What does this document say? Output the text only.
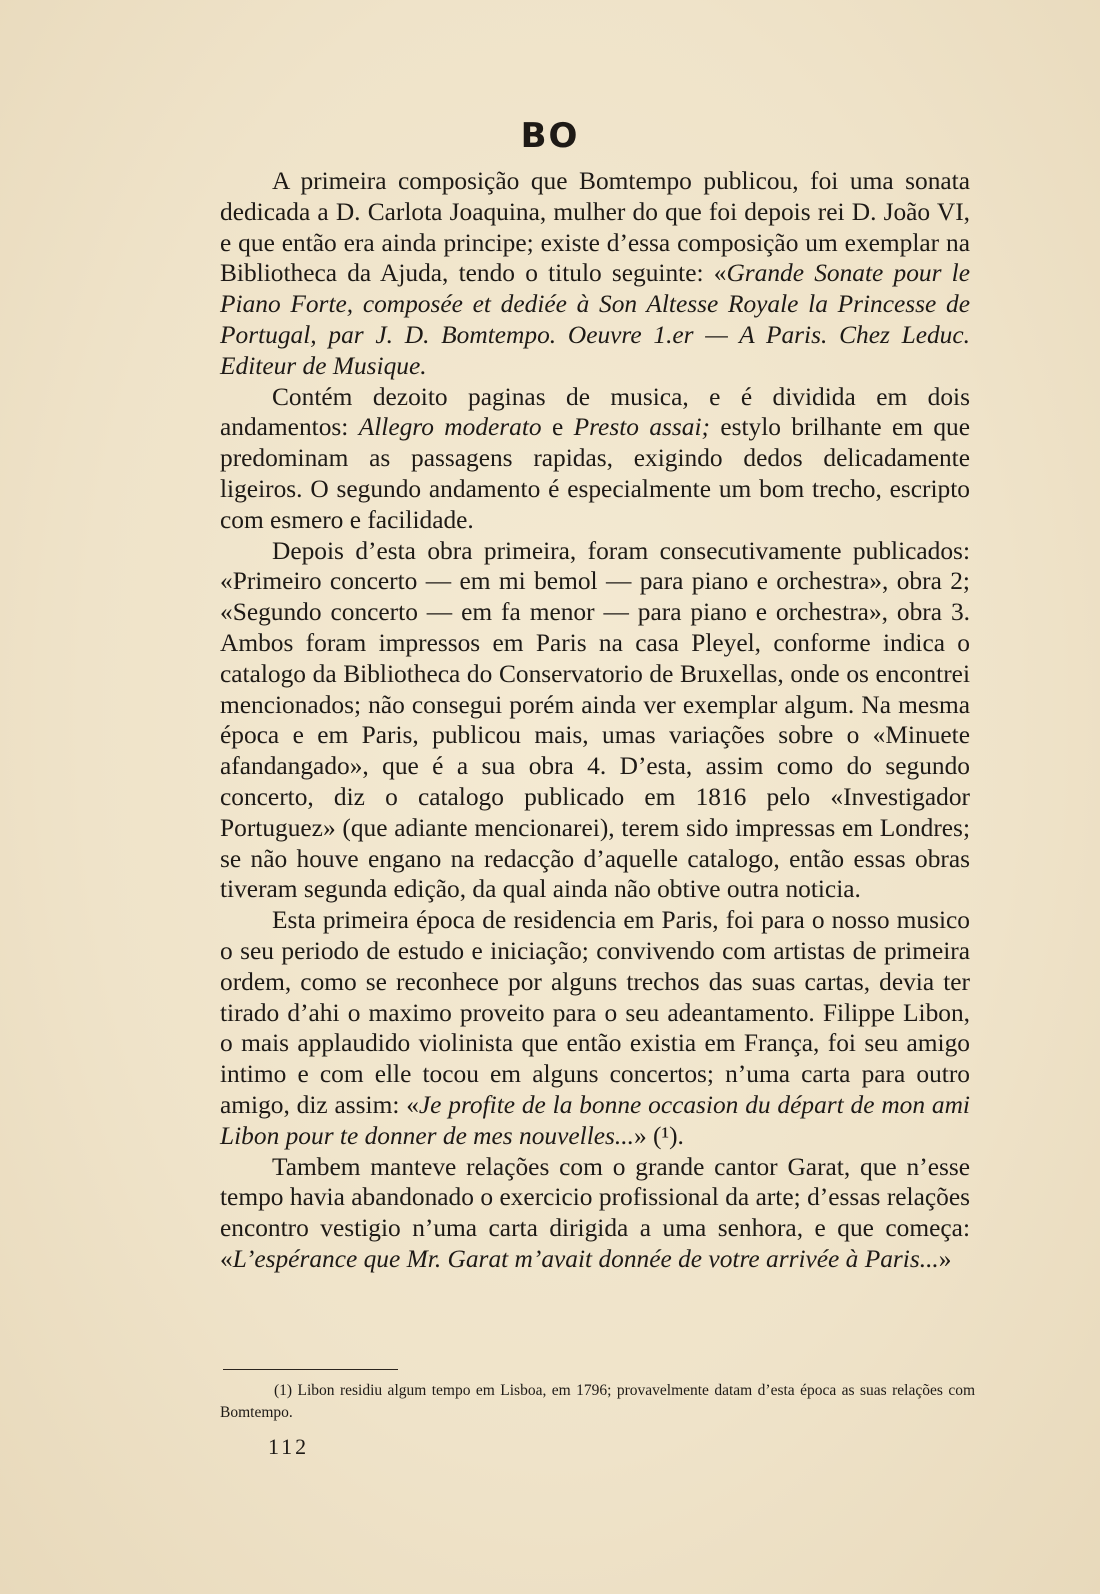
BO

A primeira composição que Bomtempo publicou, foi uma sonata dedicada a D. Carlota Joaquina, mulher do que foi depois rei D. João VI, e que então era ainda principe; existe d’essa composição um exemplar na Bibliotheca da Ajuda, tendo o titulo seguinte: «Grande Sonate pour le Piano Forte, composée et dediée à Son Altesse Royale la Princesse de Portugal, par J. D. Bomtempo. Oeuvre 1.er — A Paris. Chez Leduc. Editeur de Musique.

Contém dezoito paginas de musica, e é dividida em dois andamentos: Allegro moderato e Presto assai; estylo brilhante em que predominam as passagens rapidas, exigindo dedos delicadamente ligeiros. O segundo andamento é especialmente um bom trecho, escripto com esmero e facilidade.

Depois d’esta obra primeira, foram consecutivamente publicados: «Primeiro concerto — em mi bemol — para piano e orchestra», obra 2; «Segundo concerto — em fa menor — para piano e orchestra», obra 3. Ambos foram impressos em Paris na casa Pleyel, conforme indica o catalogo da Bibliotheca do Conservatorio de Bruxellas, onde os encontrei mencionados; não consegui porém ainda ver exemplar algum. Na mesma época e em Paris, publicou mais, umas variações sobre o «Minuete afandangado», que é a sua obra 4. D’esta, assim como do segundo concerto, diz o catalogo publicado em 1816 pelo «Investigador Portuguez» (que adiante mencionarei), terem sido impressas em Londres; se não houve engano na redacção d’aquelle catalogo, então essas obras tiveram segunda edição, da qual ainda não obtive outra noticia.

Esta primeira época de residencia em Paris, foi para o nosso musico o seu periodo de estudo e iniciação; convivendo com artistas de primeira ordem, como se reconhece por alguns trechos das suas cartas, devia ter tirado d’ahi o maximo proveito para o seu adeantamento. Filippe Libon, o mais applaudido violinista que então existia em França, foi seu amigo intimo e com elle tocou em alguns concertos; n’uma carta para outro amigo, diz assim: «Je profite de la bonne occasion du départ de mon ami Libon pour te donner de mes nouvelles...» (¹).

Tambem manteve relações com o grande cantor Garat, que n’esse tempo havia abandonado o exercicio profissional da arte; d’essas relações encontro vestigio n’uma carta dirigida a uma senhora, e que começa: «L’espérance que Mr. Garat m’avait donnée de votre arrivée à Paris...»

(1) Libon residiu algum tempo em Lisboa, em 1796; provavelmente datam d’esta época as suas relações com Bomtempo.
112
